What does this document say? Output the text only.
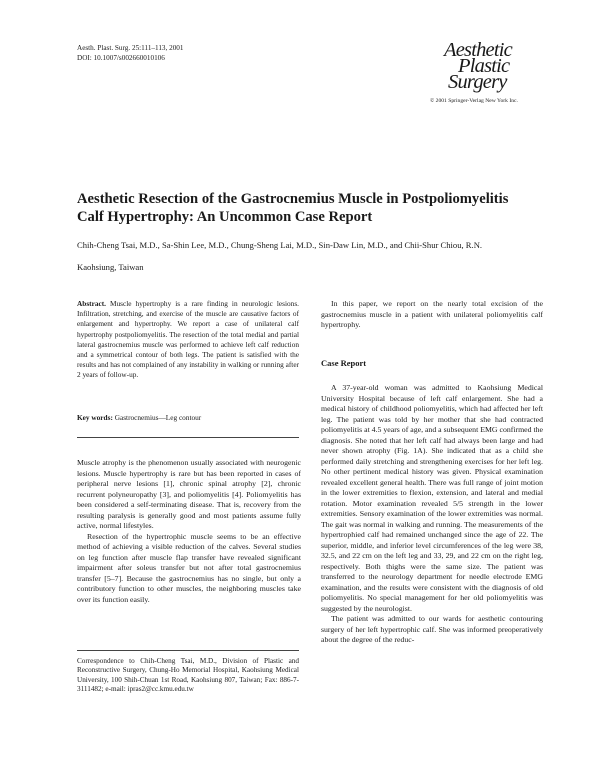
Aesth. Plast. Surg. 25:111–113, 2001
DOI: 10.1007/s002660010106	Aesthetic
Plastic
Surgery
© 2001 Springer-Verlag New York Inc.
Aesthetic Resection of the Gastrocnemius Muscle in Postpoliomyelitis Calf Hypertrophy: An Uncommon Case Report
Chih-Cheng Tsai, M.D., Sa-Shin Lee, M.D., Chung-Sheng Lai, M.D., Sin-Daw Lin, M.D., and Chii-Shur Chiou, R.N.
Kaohsiung, Taiwan
Abstract. Muscle hypertrophy is a rare finding in neurologic lesions. Infiltration, stretching, and exercise of the muscle are causative factors of enlargement and hypertrophy. We report a case of unilateral calf hypertrophy postpoliomyelitis. The resection of the total medial and partial lateral gastrocnemius muscle was performed to achieve left calf reduction and a symmetrical contour of both legs. The patient is satisfied with the results and has not complained of any instability in walking or running after 2 years of follow-up.
Key words: Gastrocnemius—Leg contour

Muscle atrophy is the phenomenon usually associated with neurogenic lesions. Muscle hypertrophy is rare but has been reported in cases of peripheral nerve lesions [1], chronic spinal atrophy [2], chronic recurrent polyneuropathy [3], and poliomyelitis [4]. Poliomyelitis has been considered a self-terminating disease. That is, recovery from the resulting paralysis is generally good and most patients assume fully active, normal lifestyles.

Resection of the hypertrophic muscle seems to be an effective method of achieving a visible reduction of the calves. Several studies on leg function after muscle flap transfer have revealed significant impairment after soleus transfer but not after total gastrocnemius transfer [5–7]. Because the gastrocnemius has no single, but only a contributory function to other muscles, the neighboring muscles take over its function easily.

Correspondence to Chih-Cheng Tsai, M.D., Division of Plastic and Reconstructive Surgery, Chung-Ho Memorial Hospital, Kaohsiung Medical University, 100 Shih-Chuan 1st Road, Kaohsiung 807, Taiwan; Fax: 886-7-3111482; e-mail: ipras2@cc.kmu.edu.tw

In this paper, we report on the nearly total excision of the gastrocnemius muscle in a patient with unilateral poliomyelitis calf hypertrophy.

Case Report

A 37-year-old woman was admitted to Kaohsiung Medical University Hospital because of left calf enlargement. She had a medical history of childhood poliomyelitis, which had affected her left leg. The patient was told by her mother that she had contracted poliomyelitis at 4.5 years of age, and a subsequent EMG confirmed the diagnosis. She noted that her left calf had always been large and had never shown atrophy (Fig. 1A). She indicated that as a child she performed daily stretching and strengthening exercises for her left leg. No other pertinent medical history was given. Physical examination revealed excellent general health. There was full range of joint motion in the lower extremities to flexion, extension, and lateral and medial rotation. Motor examination revealed 5/5 strength in the lower extremities. Sensory examination of the lower extremities was normal. The gait was normal in walking and running. The measurements of the hypertrophied calf had remained unchanged since the age of 22. The superior, middle, and inferior level circumferences of the leg were 38, 32.5, and 22 cm on the left leg and 33, 29, and 22 cm on the right leg, respectively. Both thighs were the same size. The patient was transferred to the neurology department for needle electrode EMG examination, and the results were consistent with the diagnosis of old poliomyelitis. No special management for her old poliomyelitis was suggested by the neurologist.

The patient was admitted to our wards for aesthetic contouring surgery of her left hypertrophic calf. She was informed preoperatively about the degree of the reduc-
